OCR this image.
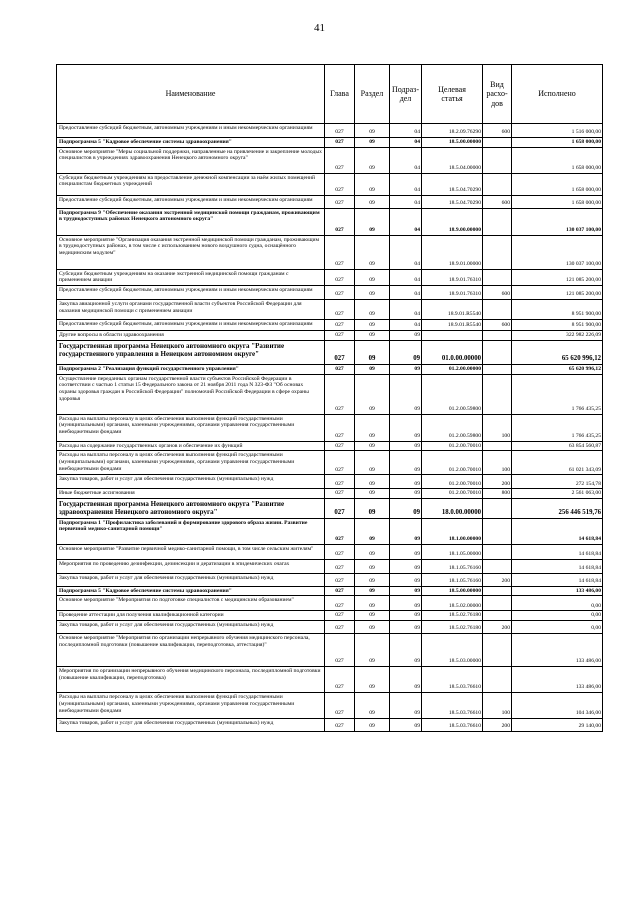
41
Наименование	Глава	Раздел	Подраз-
дел	Целевая
статья	Вид
расхо-
дов	Исполнено
Предоставление субсидий бюджетным, автономным учреждениям и иным некоммерческим организациям	027	09	04	18.2.09.76290	600	1 516 000,00
Подпрограмма 5 "Кадровое обеспечение системы здравоохранения"	027	09	04	18.5.00.00000		1 658 000,00
Основное мероприятие "Меры социальной поддержки, направленные на привлечение и закрепление молодых специалистов в учреждениях здравоохранения Ненецкого автономного округа"	027	09	04	18.5.04.00000		1 658 000,00
Субсидии бюджетным учреждениям на предоставление денежной компенсации за наём жилых помещений специалистам бюджетных учреждений	027	09	04	18.5.04.70290		1 658 000,00
Предоставление субсидий бюджетным, автономным учреждениям и иным некоммерческим организациям	027	09	04	18.5.04.70290	600	1 658 000,00
Подпрограмма 9 "Обеспечение оказания экстренной медицинской помощи гражданам, проживающим в труднодоступных районах Ненецкого автономного округа"	027	09	04	18.9.00.00000		130 037 100,00
Основное мероприятие "Организация оказания экстренной медицинской помощи гражданам, проживающим в труднодоступных районах, в том числе с использованием нового воздушного судна, оснащённого медицинским модулем"	027	09	04	18.9.01.00000		130 037 100,00
Субсидии бюджетным учреждениям на оказание экстренной медицинской помощи гражданам с применением авиации	027	09	04	18.9.01.76310		121 085 200,00
Предоставление субсидий бюджетным, автономным учреждениям и иным некоммерческим организациям	027	09	04	18.9.01.76310	600	121 085 200,00
Закупка авиационной услуги органами государственной власти субъектов Российской Федерации для оказания медицинской помощи с применением авиации	027	09	04	18.9.01.R5540		8 951 900,00
Предоставление субсидий бюджетным, автономным учреждениям и иным некоммерческим организациям	027	09	04	18.9.01.R5540	600	8 951 900,00
Другие вопросы в области здравоохранения	027	09	09			322 982 226,09
Государственная программа Ненецкого автономного округа "Развитие государственного управления в Ненецком автономном округе"	027	09	09	01.0.00.00000		65 620 996,12
Подпрограмма 2 "Реализация функций государственного управления"	027	09	09	01.2.00.00000		65 620 996,12
Осуществление переданных органам государственной власти субъектов Российской Федерации в соответствии с частью 1 статьи 15 Федерального закона от 21 ноября 2011 года N 323-ФЗ "Об основах охраны здоровья граждан в Российской Федерации" полномочий Российской Федерации в сфере охраны здоровья	027	09	09	01.2.00.59800		1 766 435,25
Расходы на выплаты персоналу в целях обеспечения выполнения функций государственными (муниципальными) органами, казенными учреждениями, органами управления государственными внебюджетными фондами	027	09	09	01.2.00.59800	100	1 766 435,25
Расходы на содержание государственных органов и обеспечение их функций	027	09	09	01.2.00.70010		63 854 560,87
Расходы на выплаты персоналу в целях обеспечения выполнения функций государственными (муниципальными) органами, казенными учреждениями, органами управления государственными внебюджетными фондами	027	09	09	01.2.00.70010	100	61 021 343,09
Закупка товаров, работ и услуг для обеспечения государственных (муниципальных) нужд	027	09	09	01.2.00.70010	200	272 154,78
Иные бюджетные ассигнования	027	09	09	01.2.00.70010	800	2 561 063,00
Государственная программа Ненецкого автономного округа "Развитие здравоохранения Ненецкого автономного округа"	027	09	09	18.0.00.00000		256 446 519,76
Подпрограмма 1 "Профилактика заболеваний и формирование здорового образа жизни. Развитие первичной медико-санитарной помощи"	027	09	09	18.1.00.00000		14 618,84
Основное мероприятие "Развитие первичной медико-санитарной помощи, в том числе сельским жителям"	027	09	09	18.1.05.00000		14 618,84
Мероприятия по проведению дезинфекции, дезинсекции и дератизации в эпидемических очагах	027	09	09	18.1.05.76160		14 618,84
Закупка товаров, работ и услуг для обеспечения государственных (муниципальных) нужд	027	09	09	18.1.05.76160	200	14 618,84
Подпрограмма 5 "Кадровое обеспечение системы здравоохранения"	027	09	09	18.5.00.00000		133 486,00
Основное мероприятие "Мероприятия по подготовке специалистов с медицинским образованием"	027	09	09	18.5.02.00000		0,00
Проведение аттестации для получения квалификационной категории	027	09	09	18.5.02.76180		0,00
Закупка товаров, работ и услуг для обеспечения государственных (муниципальных) нужд	027	09	09	18.5.02.76180	200	0,00
Основное мероприятие "Мероприятия по организации непрерывного обучения медицинского персонала, последипломной подготовки (повышение квалификации, переподготовка, аттестация)"	027	09	09	18.5.03.00000		133 486,00
Мероприятия по организации непрерывного обучения медицинского персонала, последипломной подготовки (повышение квалификации, переподготовка)	027	09	09	18.5.03.76610		133 486,00
Расходы на выплаты персоналу в целях обеспечения выполнения функций государственными (муниципальными) органами, казенными учреждениями, органами управления государственными внебюджетными фондами	027	09	09	18.5.03.76610	100	104 346,00
Закупка товаров, работ и услуг для обеспечения государственных (муниципальных) нужд	027	09	09	18.5.03.76610	200	29 140,00
